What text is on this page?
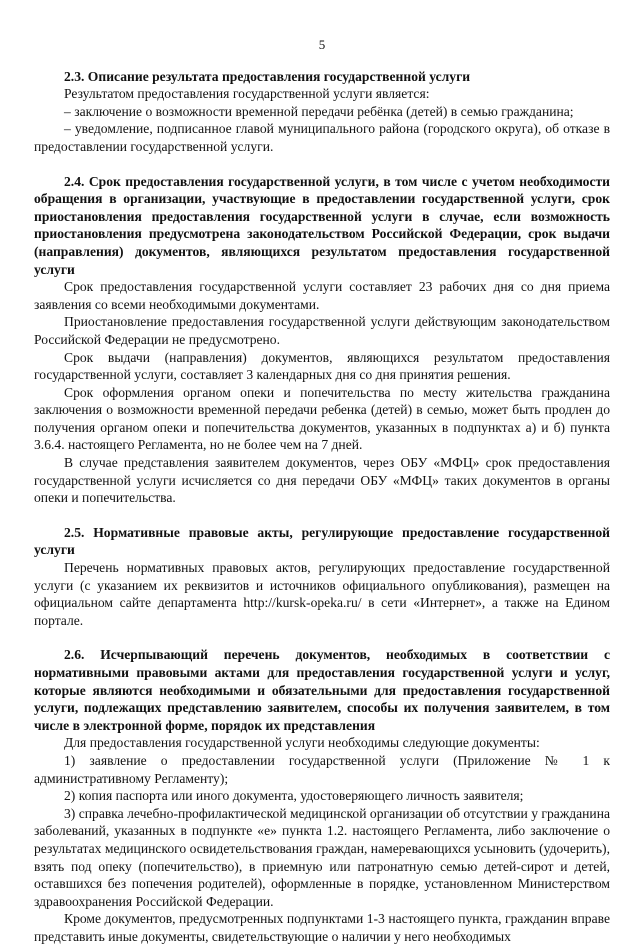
5
2.3. Описание результата предоставления государственной услуги

Результатом предоставления государственной услуги является:

– заключение о возможности временной передачи ребёнка (детей) в семью гражданина;

– уведомление, подписанное главой муниципального района (городского округа), об отказе в предоставлении государственной услуги.

2.4. Срок предоставления государственной услуги, в том числе с учетом необходимости обращения в организации, участвующие в предоставлении государственной услуги, срок приостановления предоставления государственной услуги в случае, если возможность приостановления предусмотрена законодательством Российской Федерации, срок выдачи (направления) документов, являющихся результатом предоставления государственной услуги

Срок предоставления государственной услуги составляет 23 рабочих дня со дня приема заявления со всеми необходимыми документами.

Приостановление предоставления государственной услуги действующим законодательством Российской Федерации не предусмотрено.

Срок выдачи (направления) документов, являющихся результатом предоставления государственной услуги, составляет 3 календарных дня со дня принятия решения.

Срок оформления органом опеки и попечительства по месту жительства гражданина заключения о возможности временной передачи ребенка (детей) в семью, может быть продлен до получения органом опеки и попечительства документов, указанных в подпунктах а) и б) пункта 3.6.4. настоящего Регламента, но не более чем на 7 дней.

В случае представления заявителем документов, через ОБУ «МФЦ» срок предоставления государственной услуги исчисляется со дня передачи ОБУ «МФЦ» таких документов в органы опеки и попечительства.

2.5. Нормативные правовые акты, регулирующие предоставление государственной услуги

Перечень нормативных правовых актов, регулирующих предоставление государственной услуги (с указанием их реквизитов и источников официального опубликования), размещен на официальном сайте департамента http://kursk-opeka.ru/ в сети «Интернет», а также на Едином портале.

2.6. Исчерпывающий перечень документов, необходимых в соответствии с нормативными правовыми актами для предоставления государственной услуги и услуг, которые являются необходимыми и обязательными для предоставления государственной услуги, подлежащих представлению заявителем, способы их получения заявителем, в том числе в электронной форме, порядок их представления

Для предоставления государственной услуги необходимы следующие документы:

1) заявление о предоставлении государственной услуги (Приложение № 1 к административному Регламенту);

2) копия паспорта или иного документа, удостоверяющего личность заявителя;

3) справка лечебно-профилактической медицинской организации об отсутствии у гражданина заболеваний, указанных в подпункте «е» пункта 1.2. настоящего Регламента, либо заключение о результатах медицинского освидетельствования граждан, намеревающихся усыновить (удочерить), взять под опеку (попечительство), в приемную или патронатную семью детей-сирот и детей, оставшихся без попечения родителей), оформленные в порядке, установленном Министерством здравоохранения Российской Федерации.

Кроме документов, предусмотренных подпунктами 1-3 настоящего пункта, гражданин вправе представить иные документы, свидетельствующие о наличии у него необходимых
